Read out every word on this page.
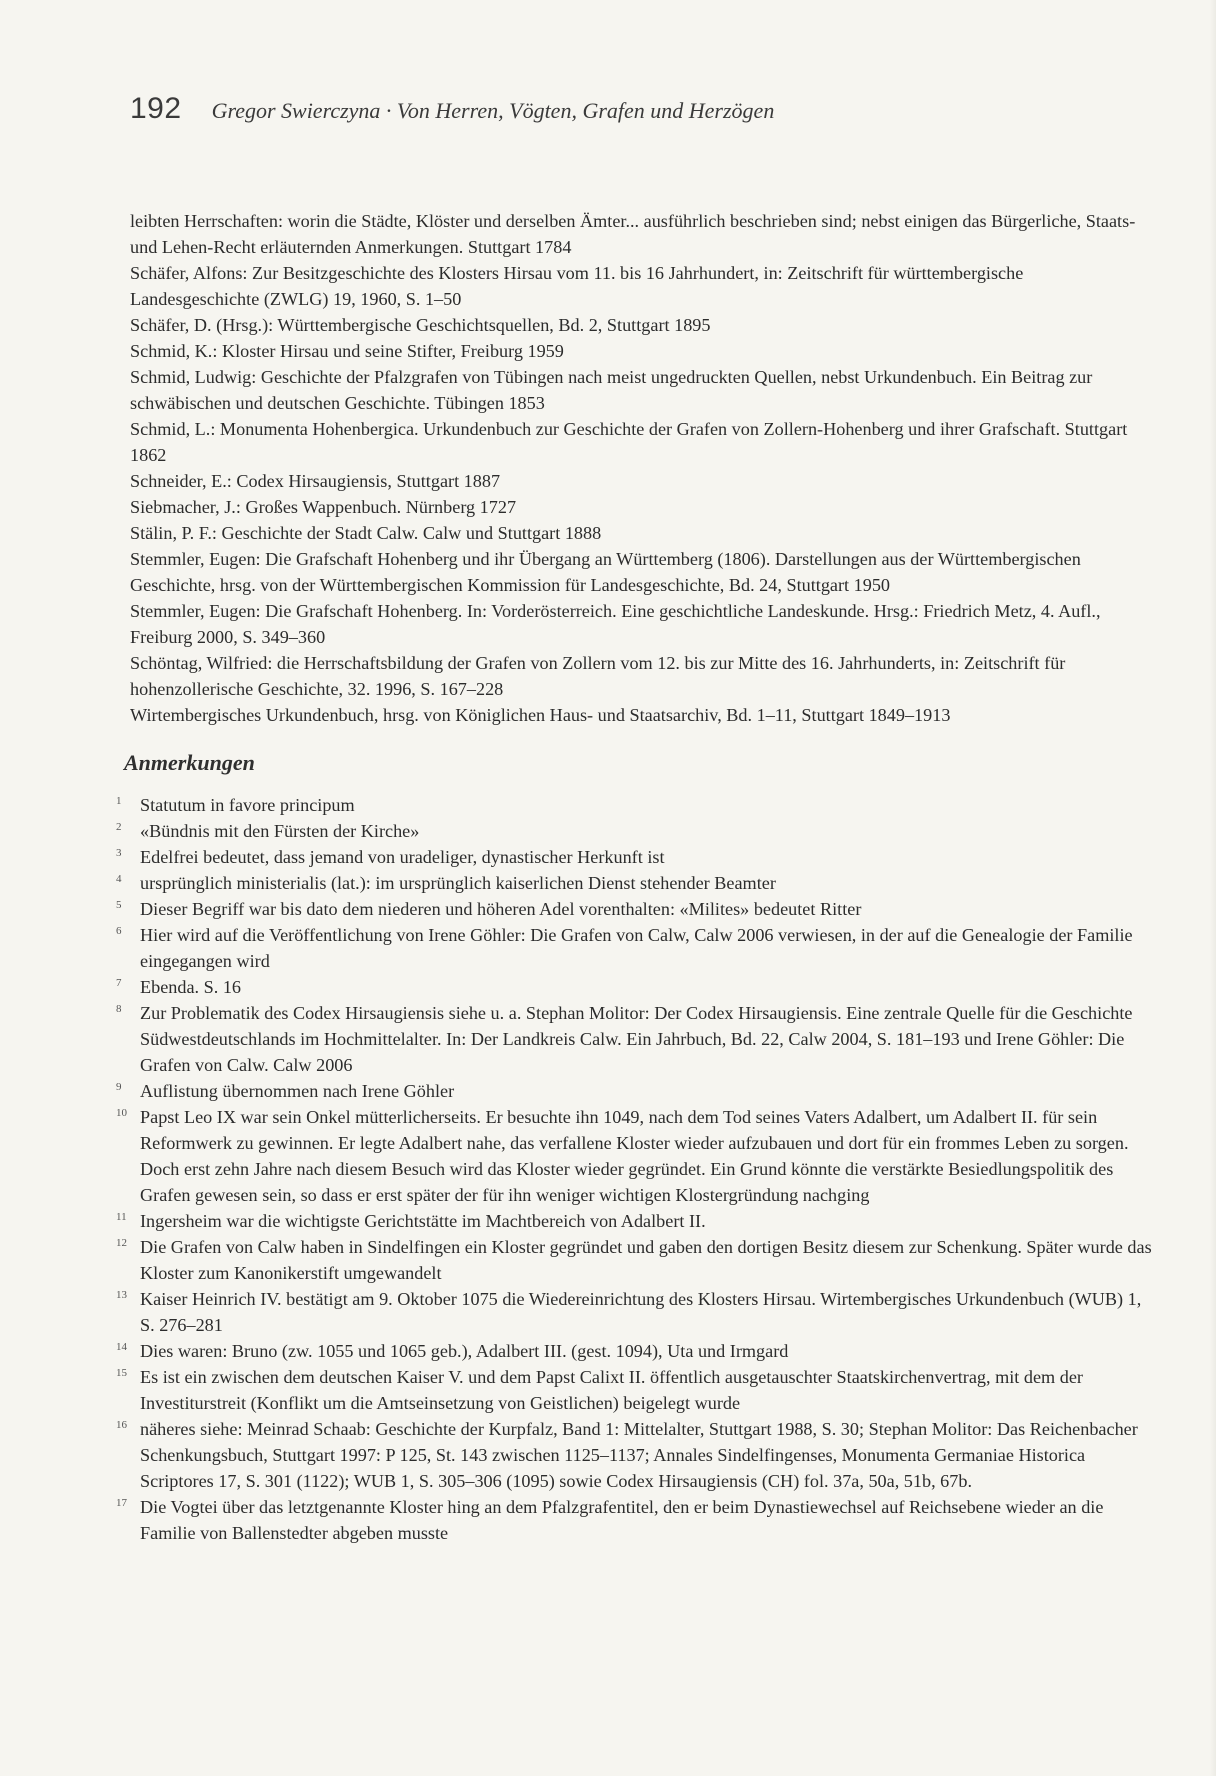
192 Gregor Swierczyna · Von Herren, Vögten, Grafen und Herzögen

leibten Herrschaften: worin die Städte, Klöster und derselben Ämter... ausführlich beschrieben sind; nebst einigen das Bürgerliche, Staats- und Lehen-Recht erläuternden Anmerkungen. Stuttgart 1784

Schäfer, Alfons: Zur Besitzgeschichte des Klosters Hirsau vom 11. bis 16 Jahrhundert, in: Zeitschrift für württembergische Landesgeschichte (ZWLG) 19, 1960, S. 1–50

Schäfer, D. (Hrsg.): Württembergische Geschichtsquellen, Bd. 2, Stuttgart 1895

Schmid, K.: Kloster Hirsau und seine Stifter, Freiburg 1959

Schmid, Ludwig: Geschichte der Pfalzgrafen von Tübingen nach meist ungedruckten Quellen, nebst Urkundenbuch. Ein Beitrag zur schwäbischen und deutschen Geschichte. Tübingen 1853

Schmid, L.: Monumenta Hohenbergica. Urkundenbuch zur Geschichte der Grafen von Zollern-Hohenberg und ihrer Grafschaft. Stuttgart 1862

Schneider, E.: Codex Hirsaugiensis, Stuttgart 1887

Siebmacher, J.: Großes Wappenbuch. Nürnberg 1727

Stälin, P. F.: Geschichte der Stadt Calw. Calw und Stuttgart 1888

Stemmler, Eugen: Die Grafschaft Hohenberg und ihr Übergang an Württemberg (1806). Darstellungen aus der Württembergischen Geschichte, hrsg. von der Württembergischen Kommission für Landesgeschichte, Bd. 24, Stuttgart 1950

Stemmler, Eugen: Die Grafschaft Hohenberg. In: Vorderösterreich. Eine geschichtliche Landeskunde. Hrsg.: Friedrich Metz, 4. Aufl., Freiburg 2000, S. 349–360

Schöntag, Wilfried: die Herrschaftsbildung der Grafen von Zollern vom 12. bis zur Mitte des 16. Jahrhunderts, in: Zeitschrift für hohenzollerische Geschichte, 32. 1996, S. 167–228

Wirtembergisches Urkundenbuch, hrsg. von Königlichen Haus- und Staatsarchiv, Bd. 1–11, Stuttgart 1849–1913

Anmerkungen
1	Statutum in favore principum
2	«Bündnis mit den Fürsten der Kirche»
3	Edelfrei bedeutet, dass jemand von uradeliger, dynastischer Herkunft ist
4	ursprünglich ministerialis (lat.): im ursprünglich kaiserlichen Dienst stehender Beamter
5	Dieser Begriff war bis dato dem niederen und höheren Adel vorenthalten: «Milites» bedeutet Ritter
6	Hier wird auf die Veröffentlichung von Irene Göhler: Die Grafen von Calw, Calw 2006 verwiesen, in der auf die Genealogie der Familie eingegangen wird
7	Ebenda. S. 16
8	Zur Problematik des Codex Hirsaugiensis siehe u. a. Stephan Molitor: Der Codex Hirsaugiensis. Eine zentrale Quelle für die Geschichte Südwestdeutschlands im Hochmittelalter. In: Der Landkreis Calw. Ein Jahrbuch, Bd. 22, Calw 2004, S. 181–193 und Irene Göhler: Die Grafen von Calw. Calw 2006
9	Auflistung übernommen nach Irene Göhler
10 Papst Leo IX war sein Onkel mütterlicherseits. Er besuchte ihn 1049, nach dem Tod seines Vaters Adalbert, um Adalbert II. für sein Reformwerk zu gewinnen. Er legte Adalbert nahe, das verfallene Kloster wieder aufzubauen und dort für ein frommes Leben zu sorgen. Doch erst zehn Jahre nach diesem Besuch wird das Kloster wieder gegründet. Ein Grund könnte die verstärkte Besiedlungspolitik des Grafen gewesen sein, so dass er erst später der für ihn weniger wichtigen Klostergründung nachging
11 Ingersheim war die wichtigste Gerichtstätte im Machtbereich von Adalbert II.
12 Die Grafen von Calw haben in Sindelfingen ein Kloster gegründet und gaben den dortigen Besitz diesem zur Schenkung. Später wurde das Kloster zum Kanonikerstift umgewandelt
13 Kaiser Heinrich IV. bestätigt am 9. Oktober 1075 die Wiedereinrichtung des Klosters Hirsau. Wirtembergisches Urkundenbuch (WUB) 1, S. 276–281
14 Dies waren: Bruno (zw. 1055 und 1065 geb.), Adalbert III. (gest. 1094), Uta und Irmgard
15 Es ist ein zwischen dem deutschen Kaiser V. und dem Papst Calixt II. öffentlich ausgetauschter Staatskirchenvertrag, mit dem der Investiturstreit (Konflikt um die Amtseinsetzung von Geistlichen) beigelegt wurde
16 näheres siehe: Meinrad Schaab: Geschichte der Kurpfalz, Band 1: Mittelalter, Stuttgart 1988, S. 30; Stephan Molitor: Das Reichenbacher Schenkungsbuch, Stuttgart 1997: P 125, St. 143 zwischen 1125–1137; Annales Sindelfingenses, Monumenta Germaniae Historica Scriptores 17, S. 301 (1122); WUB 1, S. 305–306 (1095) sowie Codex Hirsaugiensis (CH) fol. 37a, 50a, 51b, 67b.
17 Die Vogtei über das letztgenannte Kloster hing an dem Pfalzgrafentitel, den er beim Dynastiewechsel auf Reichsebene wieder an die Familie von Ballenstedter abgeben musste
